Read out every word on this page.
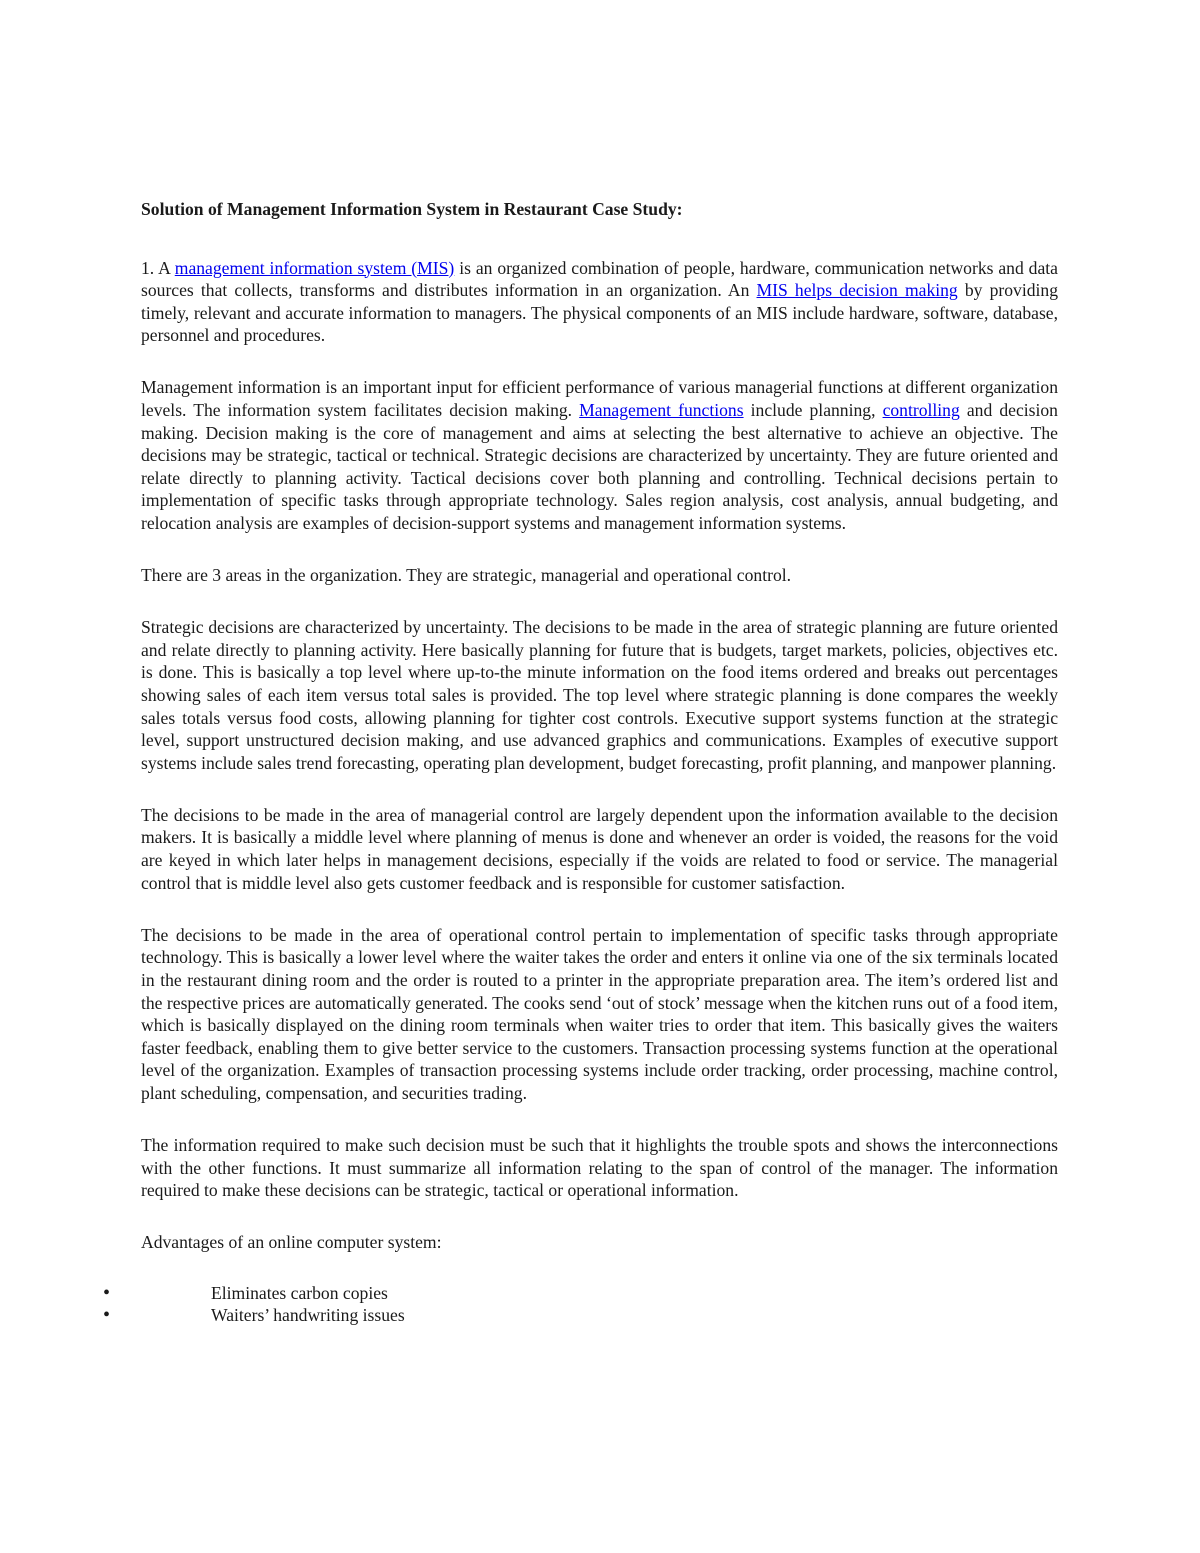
Solution of Management Information System in Restaurant Case Study:

1. A management information system (MIS) is an organized combination of people, hardware, communication networks and data sources that collects, transforms and distributes information in an organization. An MIS helps decision making by providing timely, relevant and accurate information to managers. The physical components of an MIS include hardware, software, database, personnel and procedures.

Management information is an important input for efficient performance of various managerial functions at different organization levels. The information system facilitates decision making. Management functions include planning, controlling and decision making. Decision making is the core of management and aims at selecting the best alternative to achieve an objective. The decisions may be strategic, tactical or technical. Strategic decisions are characterized by uncertainty. They are future oriented and relate directly to planning activity. Tactical decisions cover both planning and controlling. Technical decisions pertain to implementation of specific tasks through appropriate technology. Sales region analysis, cost analysis, annual budgeting, and relocation analysis are examples of decision-support systems and management information systems.

There are 3 areas in the organization. They are strategic, managerial and operational control.

Strategic decisions are characterized by uncertainty. The decisions to be made in the area of strategic planning are future oriented and relate directly to planning activity. Here basically planning for future that is budgets, target markets, policies, objectives etc. is done. This is basically a top level where up-to-the minute information on the food items ordered and breaks out percentages showing sales of each item versus total sales is provided. The top level where strategic planning is done compares the weekly sales totals versus food costs, allowing planning for tighter cost controls. Executive support systems function at the strategic level, support unstructured decision making, and use advanced graphics and communications. Examples of executive support systems include sales trend forecasting, operating plan development, budget forecasting, profit planning, and manpower planning.

The decisions to be made in the area of managerial control are largely dependent upon the information available to the decision makers. It is basically a middle level where planning of menus is done and whenever an order is voided, the reasons for the void are keyed in which later helps in management decisions, especially if the voids are related to food or service. The managerial control that is middle level also gets customer feedback and is responsible for customer satisfaction.

The decisions to be made in the area of operational control pertain to implementation of specific tasks through appropriate technology. This is basically a lower level where the waiter takes the order and enters it online via one of the six terminals located in the restaurant dining room and the order is routed to a printer in the appropriate preparation area. The item’s ordered list and the respective prices are automatically generated. The cooks send ‘out of stock’ message when the kitchen runs out of a food item, which is basically displayed on the dining room terminals when waiter tries to order that item. This basically gives the waiters faster feedback, enabling them to give better service to the customers. Transaction processing systems function at the operational level of the organization. Examples of transaction processing systems include order tracking, order processing, machine control, plant scheduling, compensation, and securities trading.

The information required to make such decision must be such that it highlights the trouble spots and shows the interconnections with the other functions. It must summarize all information relating to the span of control of the manager. The information required to make these decisions can be strategic, tactical or operational information.

Advantages of an online computer system:

•	Eliminates carbon copies
•	Waiters’ handwriting issues
